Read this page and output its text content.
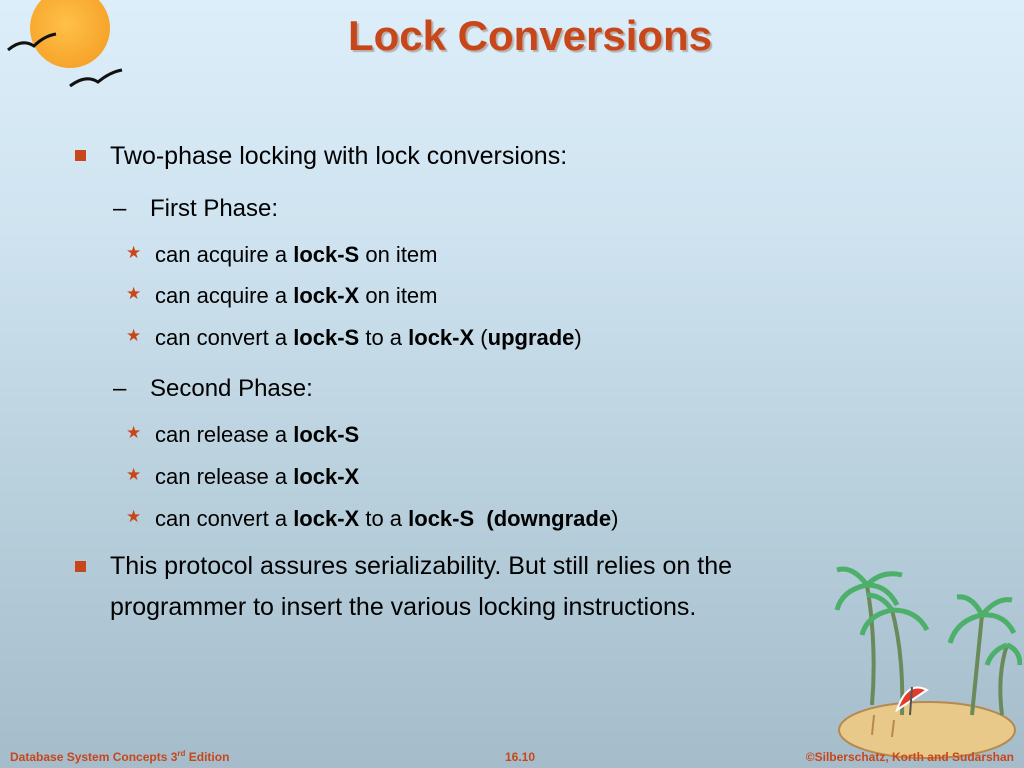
Lock Conversions
Two-phase locking with lock conversions:
– First Phase:
★ can acquire a lock-S on item
★ can acquire a lock-X on item
★ can convert a lock-S to a lock-X (upgrade)
– Second Phase:
★ can release a lock-S
★ can release a lock-X
★ can convert a lock-X to a lock-S (downgrade)
This protocol assures serializability. But still relies on the
programmer to insert the various locking instructions.
Database System Concepts 3rd Edition	16.10	©Silberschatz, Korth and Sudarshan
